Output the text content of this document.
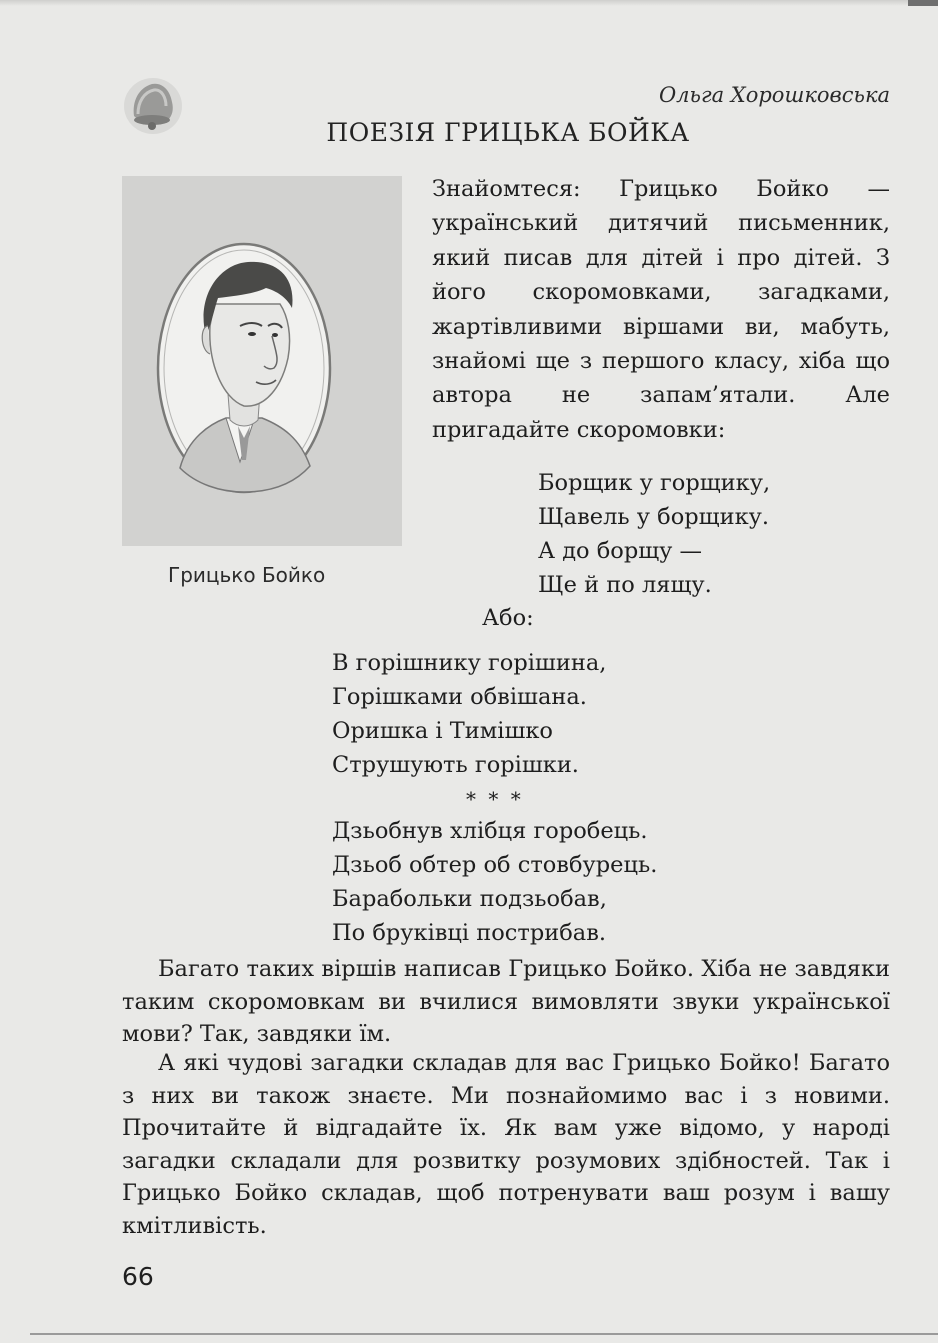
Ольга Хорошковська
ПОЕЗІЯ ГРИЦЬКА БОЙКА
Грицько Бойко

Знайомтеся: Грицько Бойко — український дитячий письменник, який писав для дітей і про дітей. З його скоромовками, загадками, жартівливими віршами ви, мабуть, знайомі ще з першого класу, хіба що автора не запам’ятали. Але пригадайте скоромовки:

Борщик у горщику,
Щавель у борщику.
А до борщу —
Ще й по лящу.
Або:
В горішнику горішина,
Горішками обвішана.
Оришка і Тимішко
Струшують горішки.
* * *
Дзьобнув хлібця горобець.
Дзьоб обтер об стовбурець.
Барабольки подзьобав,
По бруківці пострибав.

Багато таких віршів написав Грицько Бойко. Хіба не завдяки таким скоромовкам ви вчилися вимовляти звуки української мови? Так, завдяки їм.

А які чудові загадки складав для вас Грицько Бойко! Багато з них ви також знаєте. Ми познайомимо вас і з новими. Прочитайте й відгадайте їх. Як вам уже відомо, у народі загадки складали для розвитку розумових здібностей. Так і Грицько Бойко складав, щоб потренувати ваш розум і вашу кмітливість.

66
